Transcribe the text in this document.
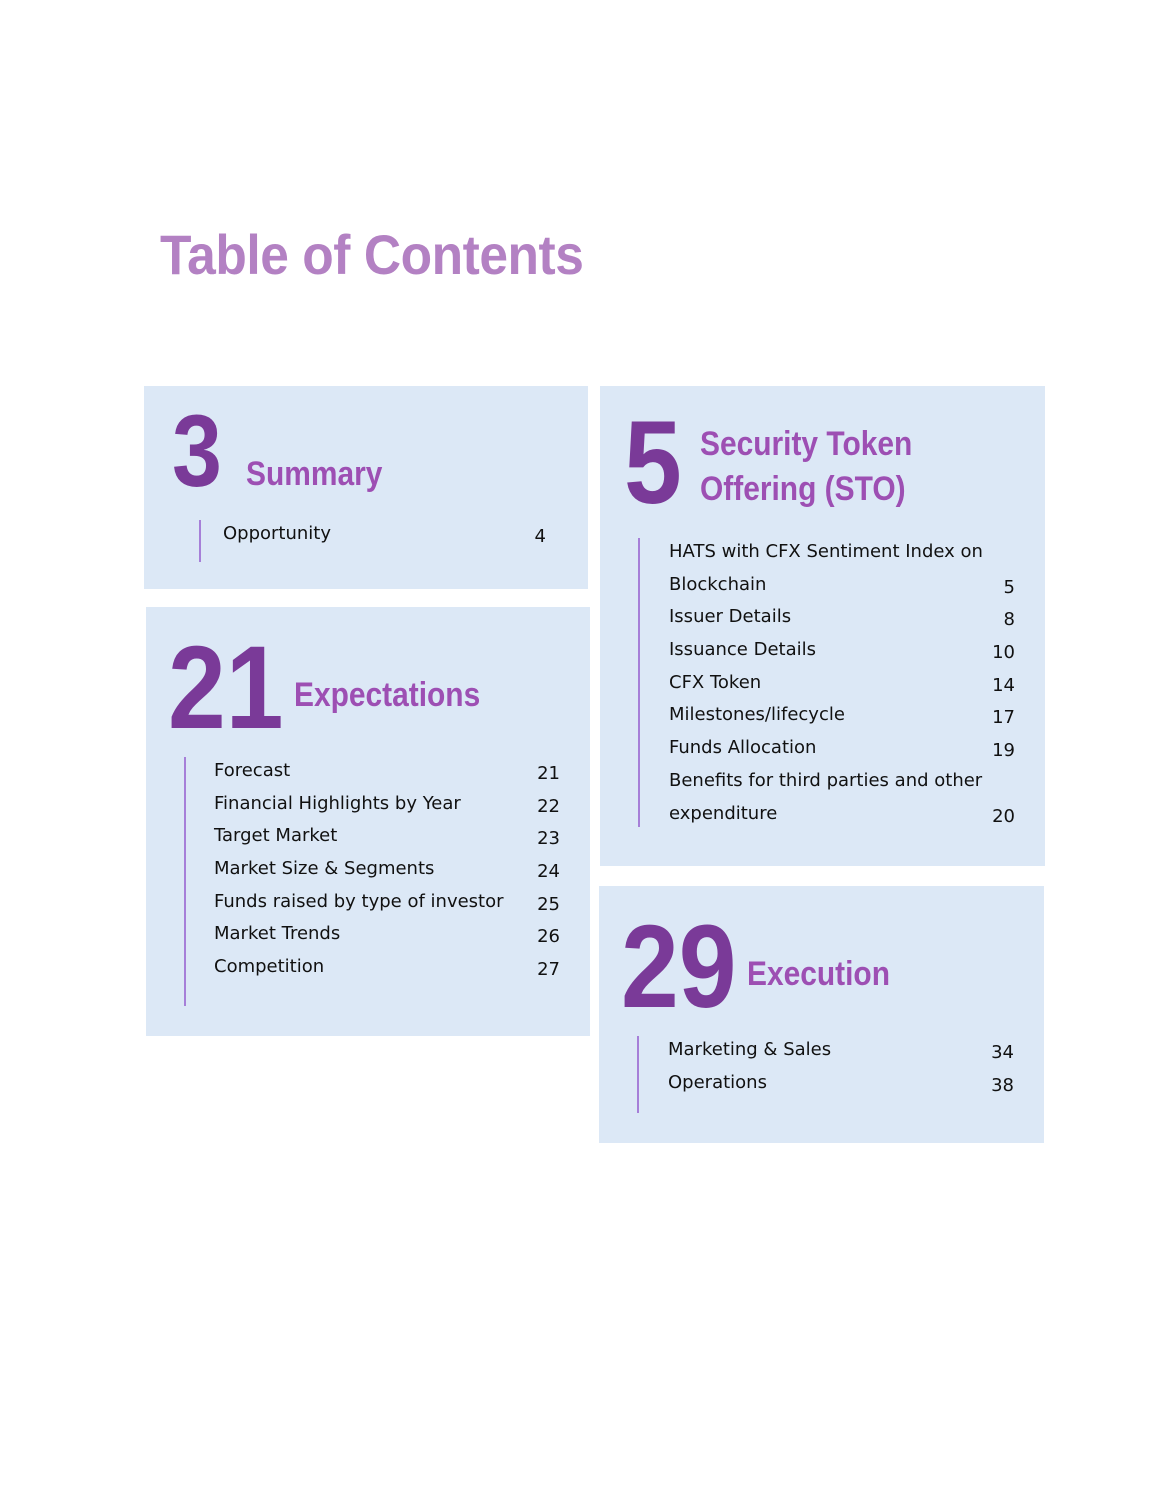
Table of Contents
3 Summary
Opportunity	4
21 Expectations
Forecast	21
Financial Highlights by Year	22
Target Market	23
Market Size & Segments	24
Funds raised by type of investor 25
Market Trends	26
Competition	27
5 Security Token
Offering (STO)
HATS with CFX Sentiment Index on
Blockchain	5
Issuer Details	8
Issuance Details	10
CFX Token	14
Milestones/lifecycle	17
Funds Allocation	19
Benefits for third parties and other
expenditure	20
29 Execution
Marketing & Sales	34
Operations	38
